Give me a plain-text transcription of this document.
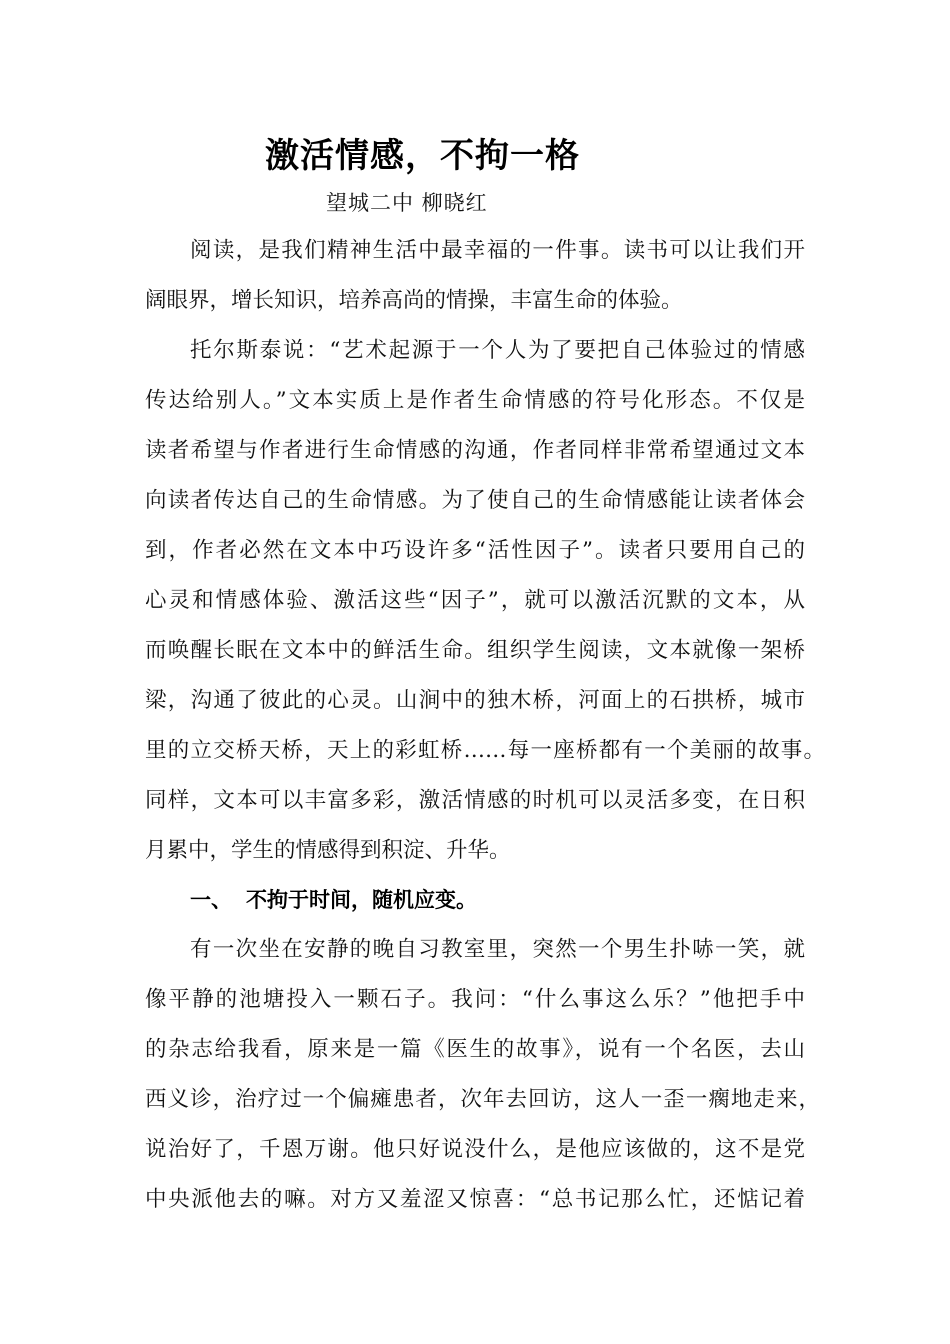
激活情感，不拘一格
望城二中 柳晓红
阅读，是我们精神生活中最幸福的一件事。读书可以让我们开
阔眼界，增长知识，培养高尚的情操，丰富生命的体验。
托尔斯泰说：“艺术起源于一个人为了要把自己体验过的情感
传达给别人。”文本实质上是作者生命情感的符号化形态。不仅是
读者希望与作者进行生命情感的沟通，作者同样非常希望通过文本
向读者传达自己的生命情感。为了使自己的生命情感能让读者体会
到，作者必然在文本中巧设许多“活性因子”。读者只要用自己的
心灵和情感体验、激活这些“因子”，就可以激活沉默的文本，从
而唤醒长眠在文本中的鲜活生命。组织学生阅读，文本就像一架桥
梁，沟通了彼此的心灵。山涧中的独木桥，河面上的石拱桥，城市
里的立交桥天桥，天上的彩虹桥……每一座桥都有一个美丽的故事。
同样，文本可以丰富多彩，激活情感的时机可以灵活多变，在日积
月累中，学生的情感得到积淀、升华。
一、 不拘于时间，随机应变。
有一次坐在安静的晚自习教室里，突然一个男生扑哧一笑，就
像平静的池塘投入一颗石子。我问：“什么事这么乐？”他把手中
的杂志给我看，原来是一篇《医生的故事》，说有一个名医，去山
西义诊，治疗过一个偏瘫患者，次年去回访，这人一歪一瘸地走来，
说治好了，千恩万谢。他只好说没什么，是他应该做的，这不是党
中央派他去的嘛。对方又羞涩又惊喜：“总书记那么忙，还惦记着
